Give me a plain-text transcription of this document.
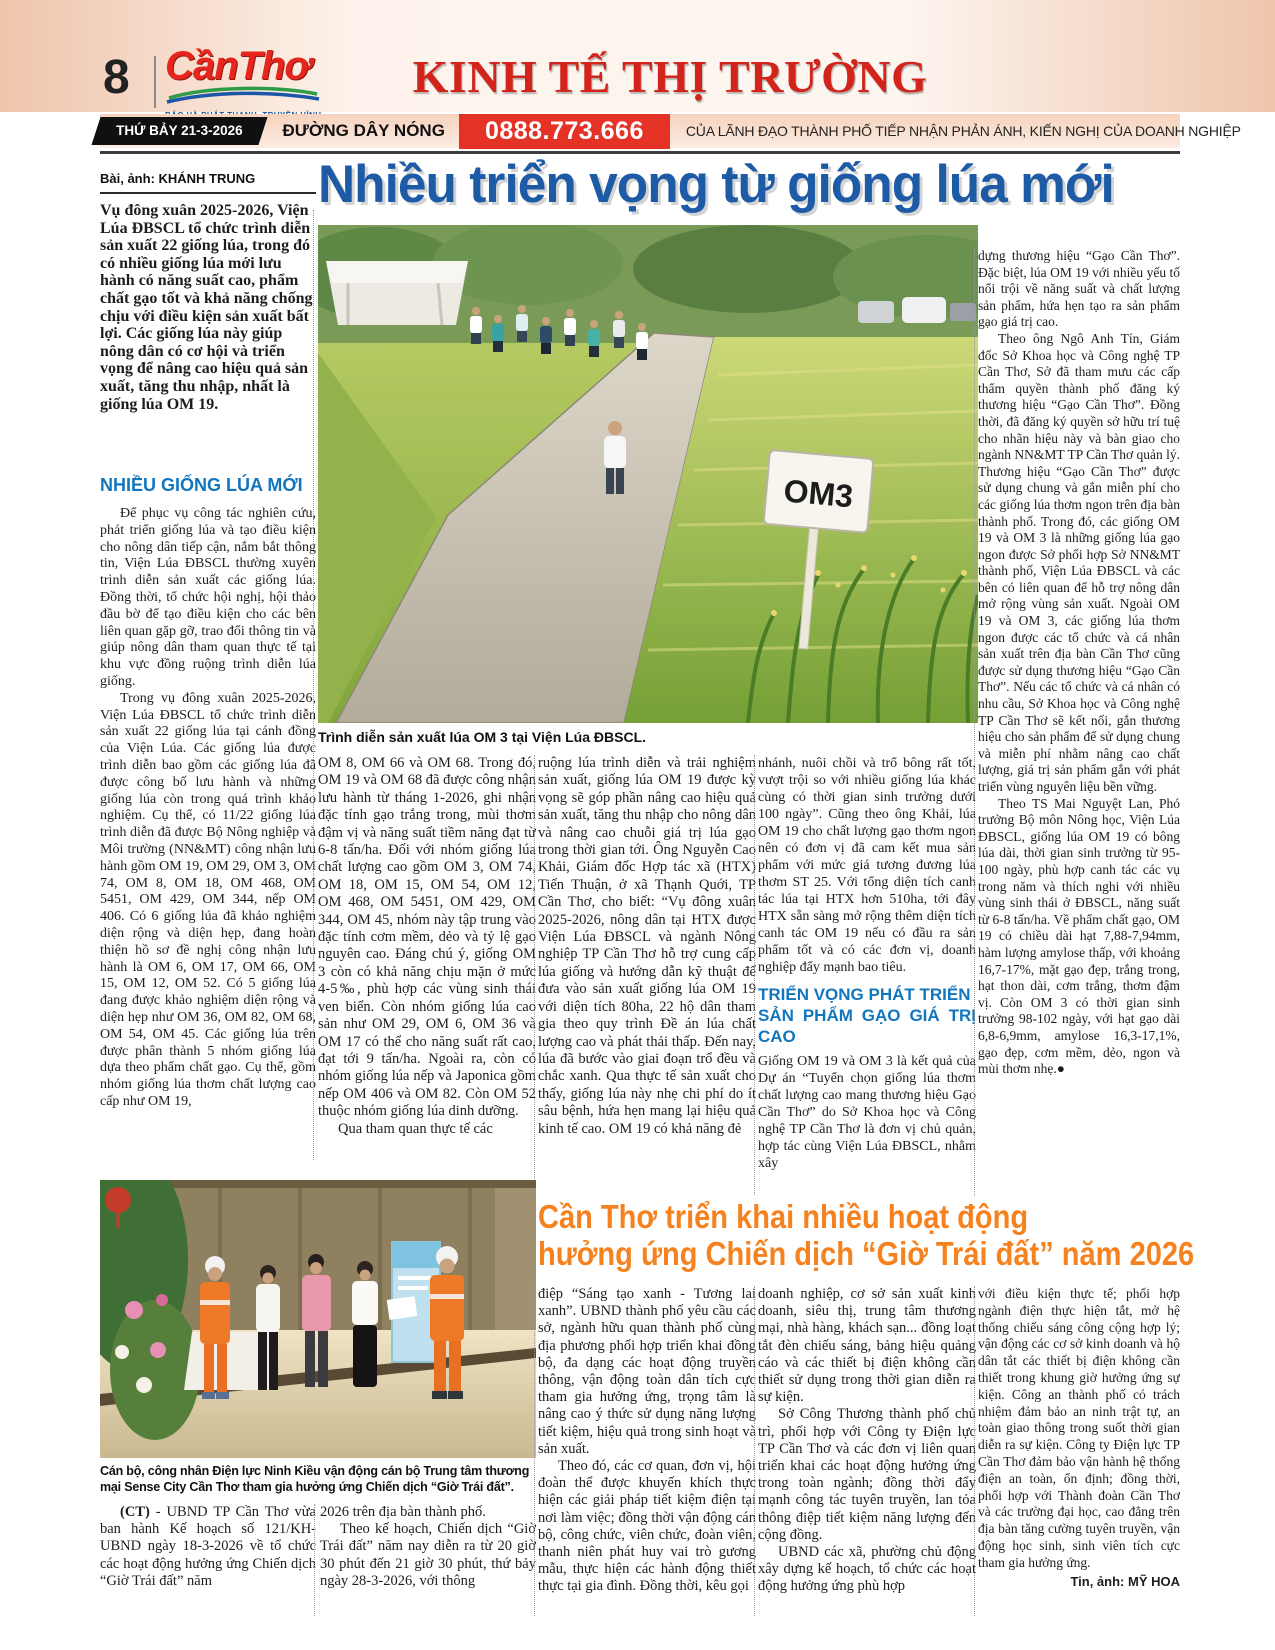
8 CầnThơ	KINH TẾ THỊ TRƯỜNG
THỨ BẢY 21-3-2026	ĐƯỜNG DÂY NÓNG	0888.773.666	CỦA LÃNH ĐẠO THÀNH PHỐ TIẾP NHẬN PHẢN ÁNH, KIẾN NGHỊ CỦA DOANH NGHIỆP
Bài, ảnh: KHÁNH TRUNG	Nhiều triển vọng từ giống lúa mới
Vụ đông xuân 2025-2026, Viện Lúa ĐBSCL tổ chức trình diễn sản xuất 22 giống lúa, trong đó có nhiều giống lúa mới lưu hành có năng suất cao, phẩm chất gạo tốt và khả năng chống chịu với điều kiện sản xuất bất lợi. Các giống lúa này giúp nông dân có cơ hội và triển vọng để nâng cao hiệu quả sản xuất, tăng thu nhập, nhất là giống lúa OM 19.
NHIỀU GIỐNG LÚA MỚI

Để phục vụ công tác nghiên cứu, phát triển giống lúa và tạo điều kiện cho nông dân tiếp cận, nắm bắt thông tin, Viện Lúa ĐBSCL thường xuyên trình diễn sản xuất các giống lúa. Đồng thời, tổ chức hội nghị, hội thảo đầu bờ để tạo điều kiện cho các bên liên quan gặp gỡ, trao đổi thông tin và giúp nông dân tham quan thực tế tại khu vực đồng ruộng trình diễn lúa giống.

Trong vụ đông xuân 2025-2026, Viện Lúa ĐBSCL tổ chức trình diễn sản xuất 22 giống lúa tại cánh đồng của Viện Lúa. Các giống lúa được trình diễn bao gồm các giống lúa đã được công bố lưu hành và những giống lúa còn trong quá trình khảo nghiệm. Cụ thể, có 11/22 giống lúa trình diễn đã được Bộ Nông nghiệp và Môi trường (NN&MT) công nhận lưu hành gồm OM 19, OM 29, OM 3, OM 74, OM 8, OM 18, OM 468, OM 5451, OM 429, OM 344, nếp OM 406. Có 6 giống lúa đã khảo nghiệm diện rộng và diện hẹp, đang hoàn thiện hồ sơ đề nghị công nhận lưu hành là OM 6, OM 17, OM 66, OM 15, OM 12, OM 52. Có 5 giống lúa đang được khảo nghiệm diện rộng và diện hẹp như OM 36, OM 82, OM 68, OM 54, OM 45. Các giống lúa trên được phân thành 5 nhóm giống lúa dựa theo phẩm chất gạo. Cụ thể, gồm nhóm giống lúa thơm chất lượng cao cấp như OM 19,

OM3
Trình diễn sản xuất lúa OM 3 tại Viện Lúa ĐBSCL.

OM 8, OM 66 và OM 68. Trong đó, OM 19 và OM 68 đã được công nhận lưu hành từ tháng 1-2026, ghi nhận đặc tính gạo trắng trong, mùi thơm đậm vị và năng suất tiềm năng đạt từ 6-8 tấn/ha. Đối với nhóm giống lúa chất lượng cao gồm OM 3, OM 74, OM 18, OM 15, OM 54, OM 12, OM 468, OM 5451, OM 429, OM 344, OM 45, nhóm này tập trung vào đặc tính cơm mềm, dẻo và tỷ lệ gạo nguyên cao. Đáng chú ý, giống OM 3 còn có khả năng chịu mặn ở mức 4-5‰, phù hợp các vùng sinh thái ven biển. Còn nhóm giống lúa cao sản như OM 29, OM 6, OM 36 và OM 17 có thể cho năng suất rất cao, đạt tới 9 tấn/ha. Ngoài ra, còn có nhóm giống lúa nếp và Japonica gồm nếp OM 406 và OM 82. Còn OM 52 thuộc nhóm giống lúa dinh dưỡng.

Qua tham quan thực tế các

ruộng lúa trình diễn và trải nghiệm sản xuất, giống lúa OM 19 được kỳ vọng sẽ góp phần nâng cao hiệu quả sản xuất, tăng thu nhập cho nông dân và nâng cao chuỗi giá trị lúa gạo trong thời gian tới. Ông Nguyễn Cao Khải, Giám đốc Hợp tác xã (HTX) Tiến Thuận, ở xã Thạnh Quới, TP Cần Thơ, cho biết: “Vụ đông xuân 2025-2026, nông dân tại HTX được Viện Lúa ĐBSCL và ngành Nông nghiệp TP Cần Thơ hỗ trợ cung cấp lúa giống và hướng dẫn kỹ thuật để đưa vào sản xuất giống lúa OM 19 với diện tích 80ha, 22 hộ dân tham gia theo quy trình Đề án lúa chất lượng cao và phát thải thấp. Đến nay, lúa đã bước vào giai đoạn trổ đều và chắc xanh. Qua thực tế sản xuất cho thấy, giống lúa này nhẹ chi phí do ít sâu bệnh, hứa hẹn mang lại hiệu quả kinh tế cao. OM 19 có khả năng đẻ

nhánh, nuôi chồi và trổ bông rất tốt, vượt trội so với nhiều giống lúa khác cùng có thời gian sinh trưởng dưới 100 ngày”. Cũng theo ông Khải, lúa OM 19 cho chất lượng gạo thơm ngon nên có đơn vị đã cam kết mua sản phẩm với mức giá tương đương lúa thơm ST 25. Với tổng diện tích canh tác lúa tại HTX hơn 510ha, tới đây HTX sẵn sàng mở rộng thêm diện tích canh tác OM 19 nếu có đầu ra sản phẩm tốt và có các đơn vị, doanh nghiệp đẩy mạnh bao tiêu.

TRIỂN VỌNG PHÁT TRIỂN
SẢN PHẨM GẠO GIÁ TRỊ CAO

Giống OM 19 và OM 3 là kết quả của Dự án “Tuyển chọn giống lúa thơm chất lượng cao mang thương hiệu Gạo Cần Thơ” do Sở Khoa học và Công nghệ TP Cần Thơ là đơn vị chủ quản, hợp tác cùng Viện Lúa ĐBSCL, nhằm xây

dựng thương hiệu “Gạo Cần Thơ”. Đặc biệt, lúa OM 19 với nhiều yếu tố nổi trội về năng suất và chất lượng sản phẩm, hứa hẹn tạo ra sản phẩm gạo giá trị cao.

Theo ông Ngô Anh Tín, Giám đốc Sở Khoa học và Công nghệ TP Cần Thơ, Sở đã tham mưu các cấp thẩm quyền thành phố đăng ký thương hiệu “Gạo Cần Thơ”. Đồng thời, đã đăng ký quyền sở hữu trí tuệ cho nhãn hiệu này và bàn giao cho ngành NN&MT TP Cần Thơ quản lý. Thương hiệu “Gạo Cần Thơ” được sử dụng chung và gắn miễn phí cho các giống lúa thơm ngon trên địa bàn thành phố. Trong đó, các giống OM 19 và OM 3 là những giống lúa gạo ngon được Sở phối hợp Sở NN&MT thành phố, Viện Lúa ĐBSCL và các bên có liên quan để hỗ trợ nông dân mở rộng vùng sản xuất. Ngoài OM 19 và OM 3, các giống lúa thơm ngon được các tổ chức và cá nhân sản xuất trên địa bàn Cần Thơ cũng được sử dụng thương hiệu “Gạo Cần Thơ”. Nếu các tổ chức và cá nhân có nhu cầu, Sở Khoa học và Công nghệ TP Cần Thơ sẽ kết nối, gắn thương hiệu cho sản phẩm để sử dụng chung và miễn phí nhằm nâng cao chất lượng, giá trị sản phẩm gắn với phát triển vùng nguyên liệu bền vững.

Theo TS Mai Nguyệt Lan, Phó trưởng Bộ môn Nông học, Viện Lúa ĐBSCL, giống lúa OM 19 có bông lúa dài, thời gian sinh trưởng từ 95-100 ngày, phù hợp canh tác các vụ trong năm và thích nghi với nhiều vùng sinh thái ở ĐBSCL, năng suất từ 6-8 tấn/ha. Về phẩm chất gạo, OM 19 có chiều dài hạt 7,88-7,94mm, hàm lượng amylose thấp, với khoảng 16,7-17%, mặt gạo đẹp, trắng trong, hạt thon dài, cơm trắng, thơm đậm vị. Còn OM 3 có thời gian sinh trưởng 98-102 ngày, với hạt gạo dài 6,8-6,9mm, amylose 16,3-17,1%, gạo đẹp, cơm mềm, dẻo, ngon và mùi thơm nhẹ.●

Cán bộ, công nhân Điện lực Ninh Kiều vận động cán bộ Trung tâm thương mại Sense City Cần Thơ tham gia hưởng ứng Chiến dịch “Giờ Trái đất”.
Cần Thơ triển khai nhiều hoạt động
hưởng ứng Chiến dịch “Giờ Trái đất” năm 2026

(CT) - UBND TP Cần Thơ vừa ban hành Kế hoạch số 121/KH-UBND ngày 18-3-2026 về tổ chức các hoạt động hưởng ứng Chiến dịch “Giờ Trái đất” năm

2026 trên địa bàn thành phố.

Theo kế hoạch, Chiến dịch “Giờ Trái đất” năm nay diễn ra từ 20 giờ 30 phút đến 21 giờ 30 phút, thứ bảy ngày 28-3-2026, với thông

điệp “Sáng tạo xanh - Tương lai xanh”. UBND thành phố yêu cầu các sở, ngành hữu quan thành phố cùng địa phương phối hợp triển khai đồng bộ, đa dạng các hoạt động truyền thông, vận động toàn dân tích cực tham gia hưởng ứng, trọng tâm là nâng cao ý thức sử dụng năng lượng tiết kiệm, hiệu quả trong sinh hoạt và sản xuất.

Theo đó, các cơ quan, đơn vị, hội đoàn thể được khuyến khích thực hiện các giải pháp tiết kiệm điện tại nơi làm việc; đồng thời vận động cán bộ, công chức, viên chức, đoàn viên, thanh niên phát huy vai trò gương mẫu, thực hiện các hành động thiết thực tại gia đình. Đồng thời, kêu gọi

doanh nghiệp, cơ sở sản xuất kinh doanh, siêu thị, trung tâm thương mại, nhà hàng, khách sạn... đồng loạt tắt đèn chiếu sáng, bảng hiệu quảng cáo và các thiết bị điện không cần thiết sử dụng trong thời gian diễn ra sự kiện.

Sở Công Thương thành phố chủ trì, phối hợp với Công ty Điện lực TP Cần Thơ và các đơn vị liên quan triển khai các hoạt động hưởng ứng trong toàn ngành; đồng thời đẩy mạnh công tác tuyên truyền, lan tỏa thông điệp tiết kiệm năng lượng đến cộng đồng.

UBND các xã, phường chủ động xây dựng kế hoạch, tổ chức các hoạt động hưởng ứng phù hợp

với điều kiện thực tế; phối hợp ngành điện thực hiện tắt, mở hệ thống chiếu sáng công cộng hợp lý; vận động các cơ sở kinh doanh và hộ dân tắt các thiết bị điện không cần thiết trong khung giờ hưởng ứng sự kiện. Công an thành phố có trách nhiệm đảm bảo an ninh trật tự, an toàn giao thông trong suốt thời gian diễn ra sự kiện. Công ty Điện lực TP Cần Thơ đảm bảo vận hành hệ thống điện an toàn, ổn định; đồng thời, phối hợp với Thành đoàn Cần Thơ và các trường đại học, cao đẳng trên địa bàn tăng cường tuyên truyền, vận động học sinh, sinh viên tích cực tham gia hưởng ứng.

Tin, ảnh: MỸ HOA
